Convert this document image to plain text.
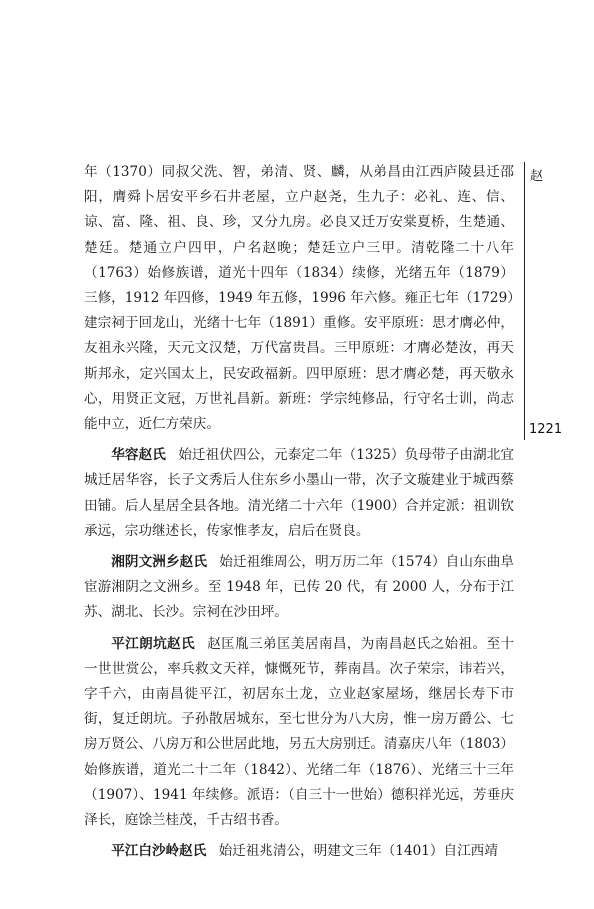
赵
1221

年（1370）同叔父洗、智，弟清、贤、麟，从弟昌由江西庐陵县迁邵阳，膺舜卜居安平乡石井老屋，立户赵尧，生九子：必礼、连、信、谅、富、隆、祖、良、珍，又分九房。必良又迁万安棠夏桥，生楚通、楚廷。楚通立户四甲，户名赵晚；楚廷立户三甲。清乾隆二十八年（1763）始修族谱，道光十四年（1834）续修，光绪五年（1879）三修，1912 年四修，1949 年五修，1996 年六修。雍正七年（1729）建宗祠于回龙山，光绪十七年（1891）重修。安平原班：思才膺必仲，友祖永兴隆，天元文汉楚，万代富贵昌。三甲原班：才膺必楚汝，再天斯邦永，定兴国太上，民安政福新。四甲原班：思才膺必楚，再天敬永心，用贤正文冠，万世礼昌新。新班：学宗纯修品，行守名士训，尚志能中立，近仁方荣庆。

华容赵氏 始迁祖伏四公，元泰定二年（1325）负母带子由湖北宜城迁居华容，长子文秀后人住东乡小墨山一带，次子文璇建业于城西蔡田铺。后人星居全县各地。清光绪二十六年（1900）合并定派：祖训钦承远，宗功继述长，传家惟孝友，启后在贤良。

湘阴文洲乡赵氏 始迁祖维周公，明万历二年（1574）自山东曲阜宦游湘阴之文洲乡。至 1948 年，已传 20 代，有 2000 人，分布于江苏、湖北、长沙。宗祠在沙田坪。

平江朗坑赵氏 赵匡胤三弟匡美居南昌，为南昌赵氏之始祖。至十一世世赏公，率兵救文天祥，慷慨死节，葬南昌。次子荣宗，讳若兴，字千六，由南昌徙平江，初居东土龙，立业赵家屋场，继居长寿下市街，复迁朗坑。子孙散居城东，至七世分为八大房，惟一房万爵公、七房万贤公、八房万和公世居此地，另五大房别迁。清嘉庆八年（1803）始修族谱，道光二十二年（1842）、光绪二年（1876）、光绪三十三年（1907）、1941 年续修。派语：（自三十一世始）德积祥光远，芳垂庆泽长，庭馀兰桂茂，千古绍书香。

平江白沙岭赵氏 始迁祖兆清公，明建文三年（1401）自江西靖
